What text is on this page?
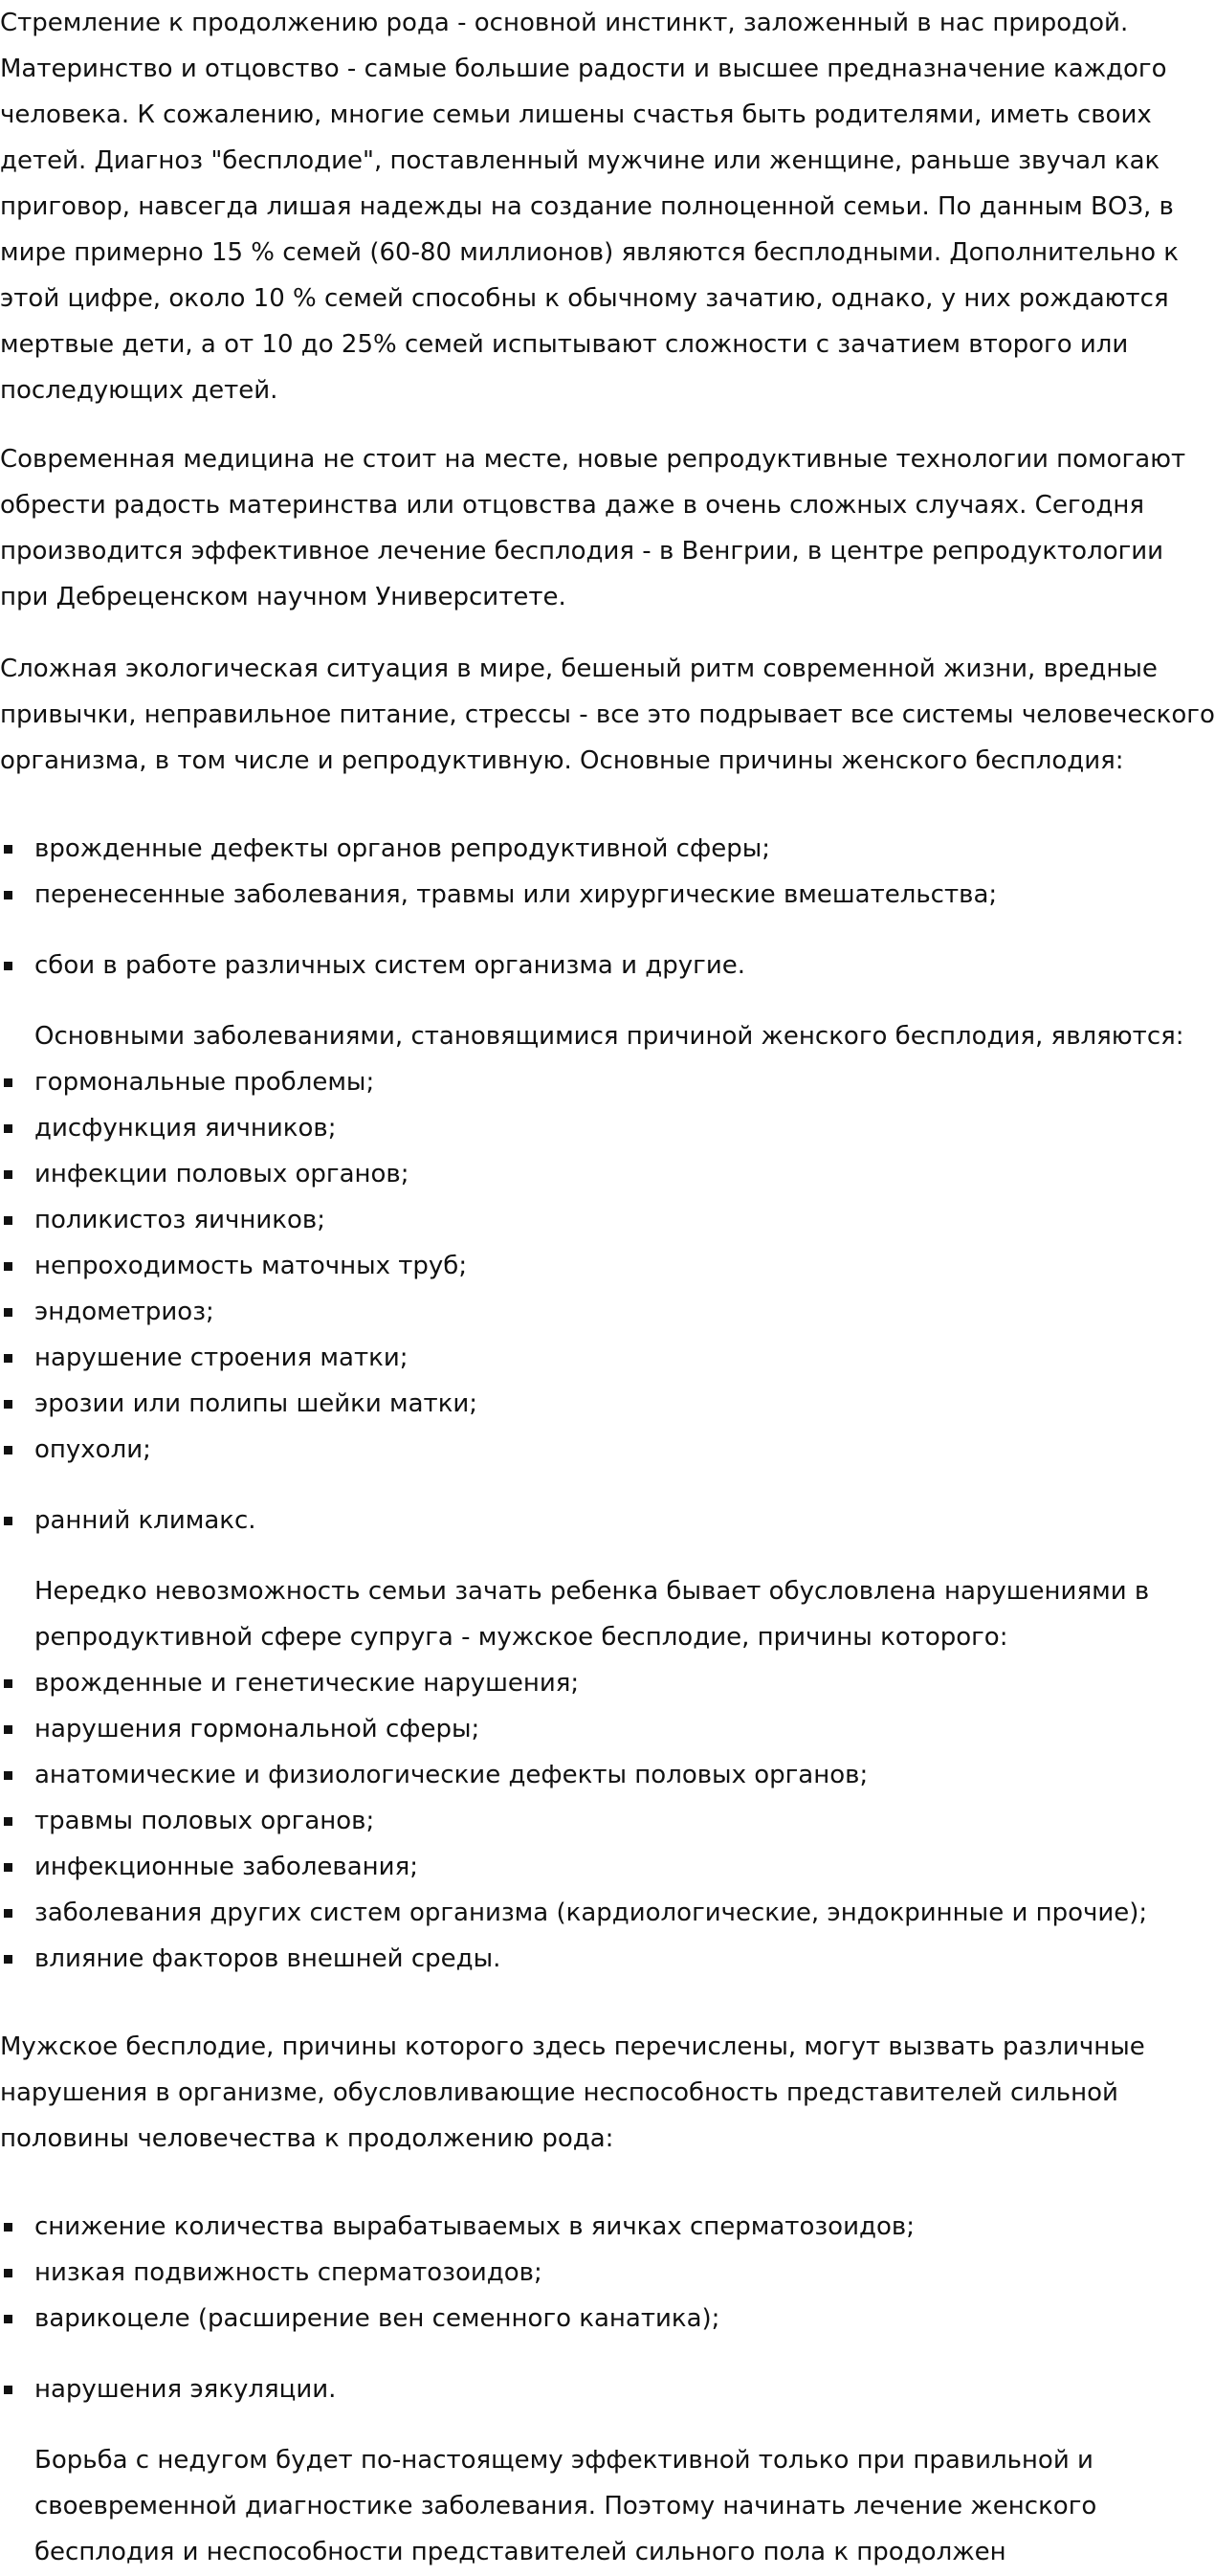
Стремление к продолжению рода - основной инстинкт, заложенный в нас природой.
Материнство и отцовство - самые большие радости и высшее предназначение каждого
человека. К сожалению, многие семьи лишены счастья быть родителями, иметь своих
детей. Диагноз "бесплодие", поставленный мужчине или женщине, раньше звучал как
приговор, навсегда лишая надежды на создание полноценной семьи. По данным ВОЗ, в
мире примерно 15 % семей (60-80 миллионов) являются бесплодными. Дополнительно к
этой цифре, около 10 % семей способны к обычному зачатию, однако, у них рождаются
мертвые дети, а от 10 до 25% семей испытывают сложности с зачатием второго или
последующих детей.
Современная медицина не стоит на месте, новые репродуктивные технологии помогают
обрести радость материнства или отцовства даже в очень сложных случаях. Сегодня
производится эффективное лечение бесплодия - в Венгрии, в центре репродуктологии
при Дебреценском научном Университете.
Сложная экологическая ситуация в мире, бешеный ритм современной жизни, вредные
привычки, неправильное питание, стрессы - все это подрывает все системы человеческого
организма, в том числе и репродуктивную. Основные причины женского бесплодия:
врожденные дефекты органов репродуктивной сферы;
перенесенные заболевания, травмы или хирургические вмешательства;
сбои в работе различных систем организма и другие.
Основными заболеваниями, становящимися причиной женского бесплодия, являются:
гормональные проблемы;
дисфункция яичников;
инфекции половых органов;
поликистоз яичников;
непроходимость маточных труб;
эндометриоз;
нарушение строения матки;
эрозии или полипы шейки матки;
опухоли;
ранний климакс.
Нередко невозможность семьи зачать ребенка бывает обусловлена нарушениями в
репродуктивной сфере супруга - мужское бесплодие, причины которого:
врожденные и генетические нарушения;
нарушения гормональной сферы;
анатомические и физиологические дефекты половых органов;
травмы половых органов;
инфекционные заболевания;
заболевания других систем организма (кардиологические, эндокринные и прочие);
влияние факторов внешней среды.
Мужское бесплодие, причины которого здесь перечислены, могут вызвать различные
нарушения в организме, обусловливающие неспособность представителей сильной
половины человечества к продолжению рода:
снижение количества вырабатываемых в яичках сперматозоидов;
низкая подвижность сперматозоидов;
варикоцеле (расширение вен семенного канатика);
нарушения эякуляции.
Борьба с недугом будет по-настоящему эффективной только при правильной и
своевременной диагностике заболевания. Поэтому начинать лечение женского
бесплодия и неспособности представителей сильного пола к продолжен
